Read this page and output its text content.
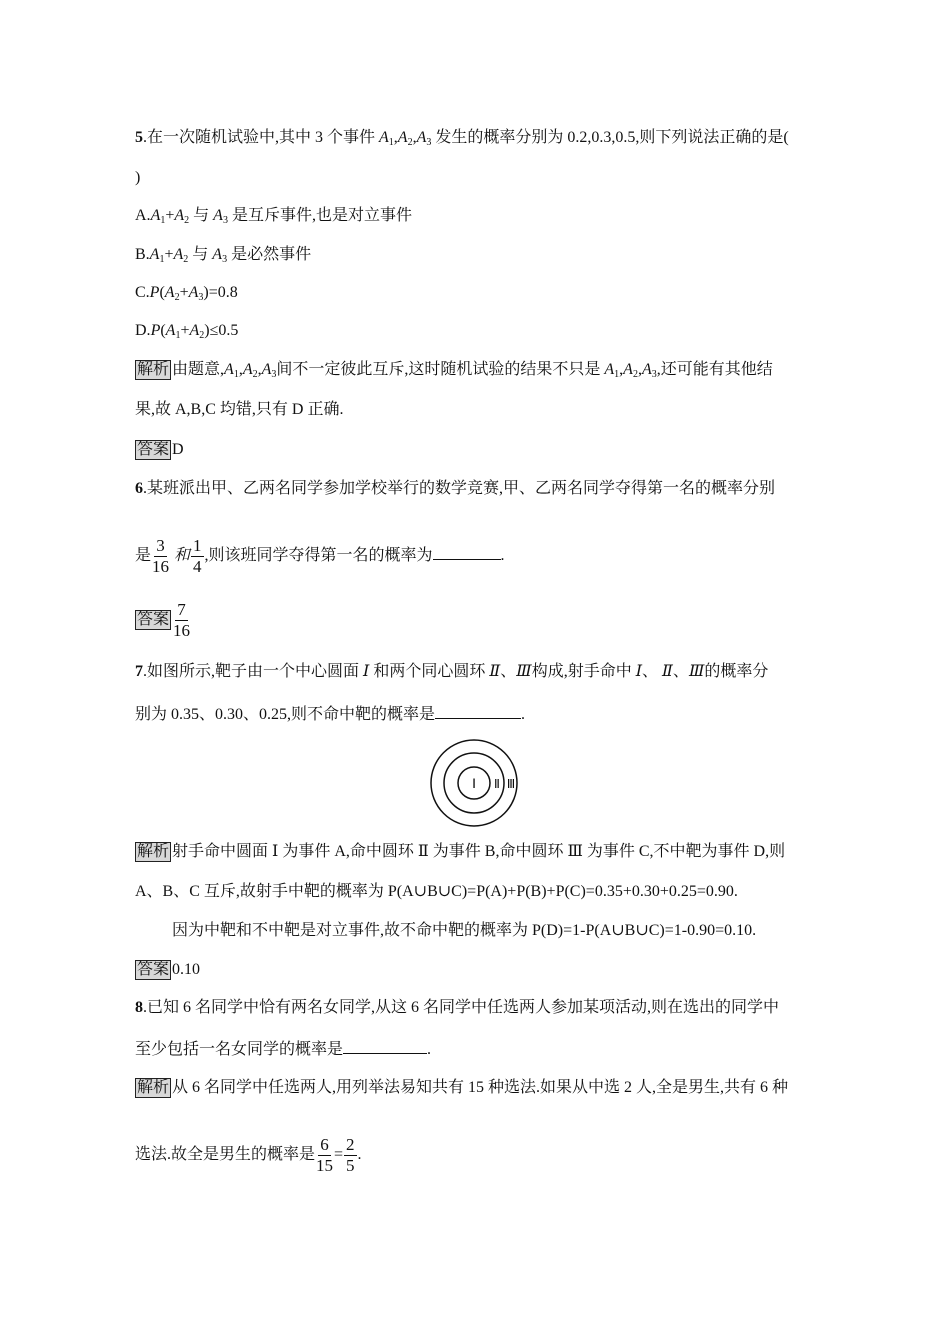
5.在一次随机试验中,其中 3 个事件 $A_1,A_2,A_3$ 发生的概率分别为 0.2,0.3,0.5,则下列说法正确的是(
)
$A.A_1+A_2$ 与 $A_3$ 是互斥事件,也是对立事件
$B.A_1+A_2$ 与 $A_3$ 是必然事件
$C.P(A_2+A_3)=0.8$
$D.P(A_1+A_2)\le 0.5$
解析 由题意$,A_1,A_2,A_3$间不一定彼此互斥,这时随机试验的结果不只是 $A_1,A_2,A_3$,还可能有其他结
果,故 A,B,C 均错,只有 D 正确.
答案 D
6.某班派出甲、乙两名同学参加学校举行的数学竞赛,甲、乙两名同学夺得第一名的概率分别
是 $\frac{3}{16}$ 和 $\frac{1}{4}$ ,则该班同学夺得第一名的概率为	.
答案 $\frac{7}{16}$
7.如图所示,靶子由一个中心圆面 Ⅰ 和两个同心圆环 Ⅱ、Ⅲ构成,射手命中 Ⅰ、 Ⅱ、Ⅲ的概率分
别为 0.35、0.30、0.25,则不命中靶的概率是	.
Ⅰ Ⅱ Ⅲ
解析 射手命中圆面 Ⅰ 为事件 A,命中圆环 Ⅱ 为事件 B,命中圆环 Ⅲ 为事件 C,不中靶为事件 D,则
A、B、C 互斥,故射手中靶的概率为 P(A∪B∪C)=P(A)+P(B)+P(C)=0.35+0.30+0.25=0.90.
因为中靶和不中靶是对立事件,故不命中靶的概率为 P(D)=1-P(A∪B∪C)=1-0.90=0.10.
答案 0.10
8.已知 6 名同学中恰有两名女同学,从这 6 名同学中任选两人参加某项活动,则在选出的同学中
至少包括一名女同学的概率是	.
解析 从 6 名同学中任选两人,用列举法易知共有 15 种选法.如果从中选 2 人,全是男生,共有 6 种
选法.故全是男生的概率是 $\frac{6}{15} = \frac{2}{5}$ .
